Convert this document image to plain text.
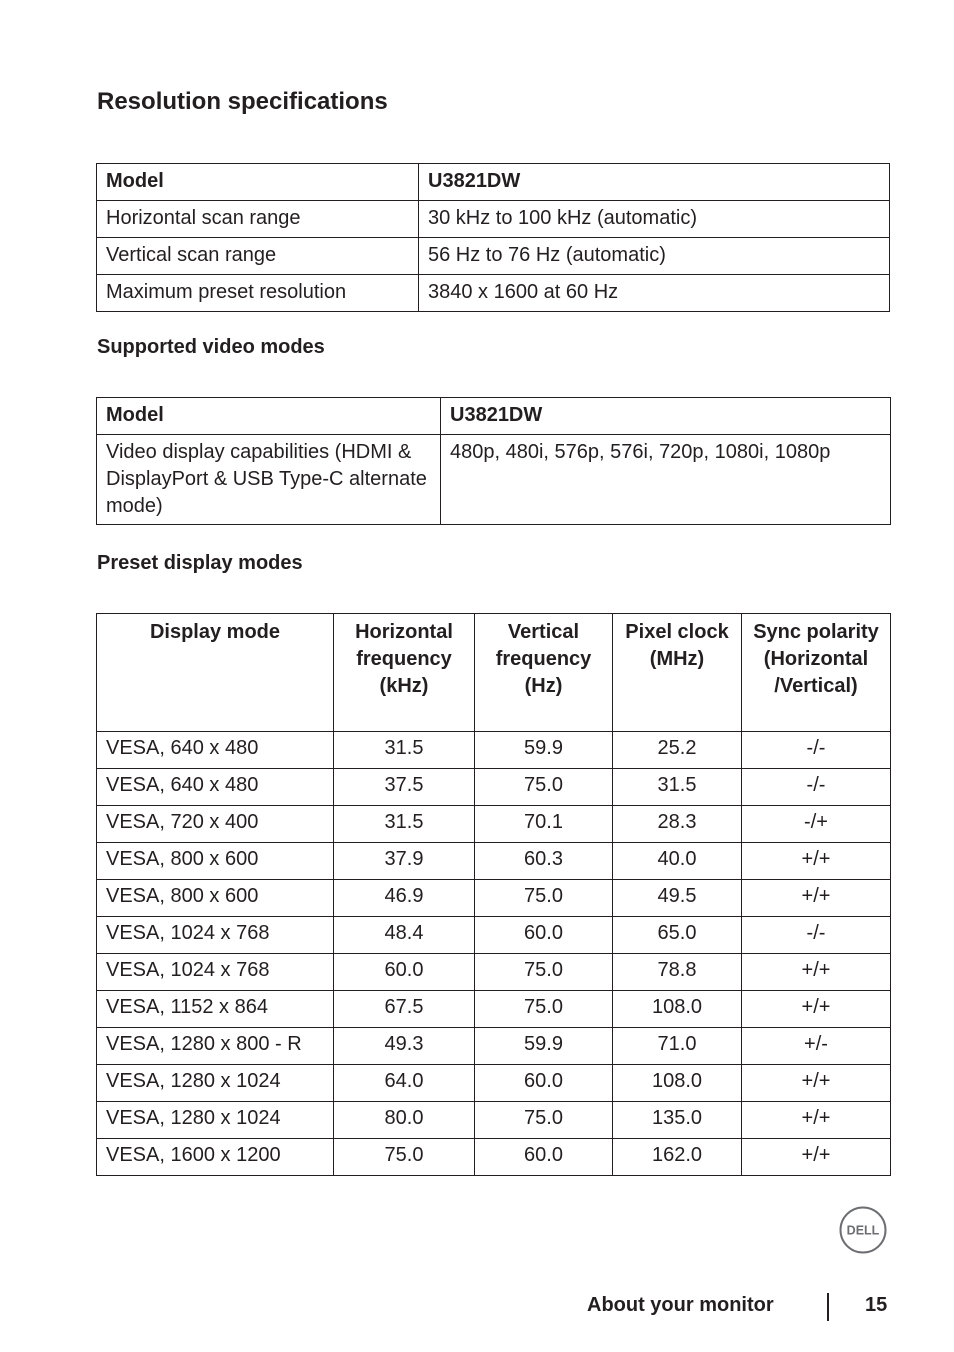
Resolution specifications
Model	U3821DW
Horizontal scan range	30 kHz to 100 kHz (automatic)
Vertical scan range	56 Hz to 76 Hz (automatic)
Maximum preset resolution	3840 x 1600 at 60 Hz
Supported video modes
Model	U3821DW
Video display capabilities (HDMI & DisplayPort & USB Type-C alternate mode)	480p, 480i, 576p, 576i, 720p, 1080i, 1080p
Preset display modes
Display mode	Horizontal frequency (kHz)	Vertical frequency (Hz)	Pixel clock (MHz)	Sync polarity (Horizontal /Vertical)
VESA, 640 x 480	31.5	59.9	25.2	-/-
VESA, 640 x 480	37.5	75.0	31.5	-/-
VESA, 720 x 400	31.5	70.1	28.3	-/+
VESA, 800 x 600	37.9	60.3	40.0	+/+
VESA, 800 x 600	46.9	75.0	49.5	+/+
VESA, 1024 x 768	48.4	60.0	65.0	-/-
VESA, 1024 x 768	60.0	75.0	78.8	+/+
VESA, 1152 x 864	67.5	75.0	108.0	+/+
VESA, 1280 x 800 - R	49.3	59.9	71.0	+/-
VESA, 1280 x 1024	64.0	60.0	108.0	+/+
VESA, 1280 x 1024	80.0	75.0	135.0	+/+
VESA, 1600 x 1200	75.0	60.0	162.0	+/+
DELL
About your monitor	15
